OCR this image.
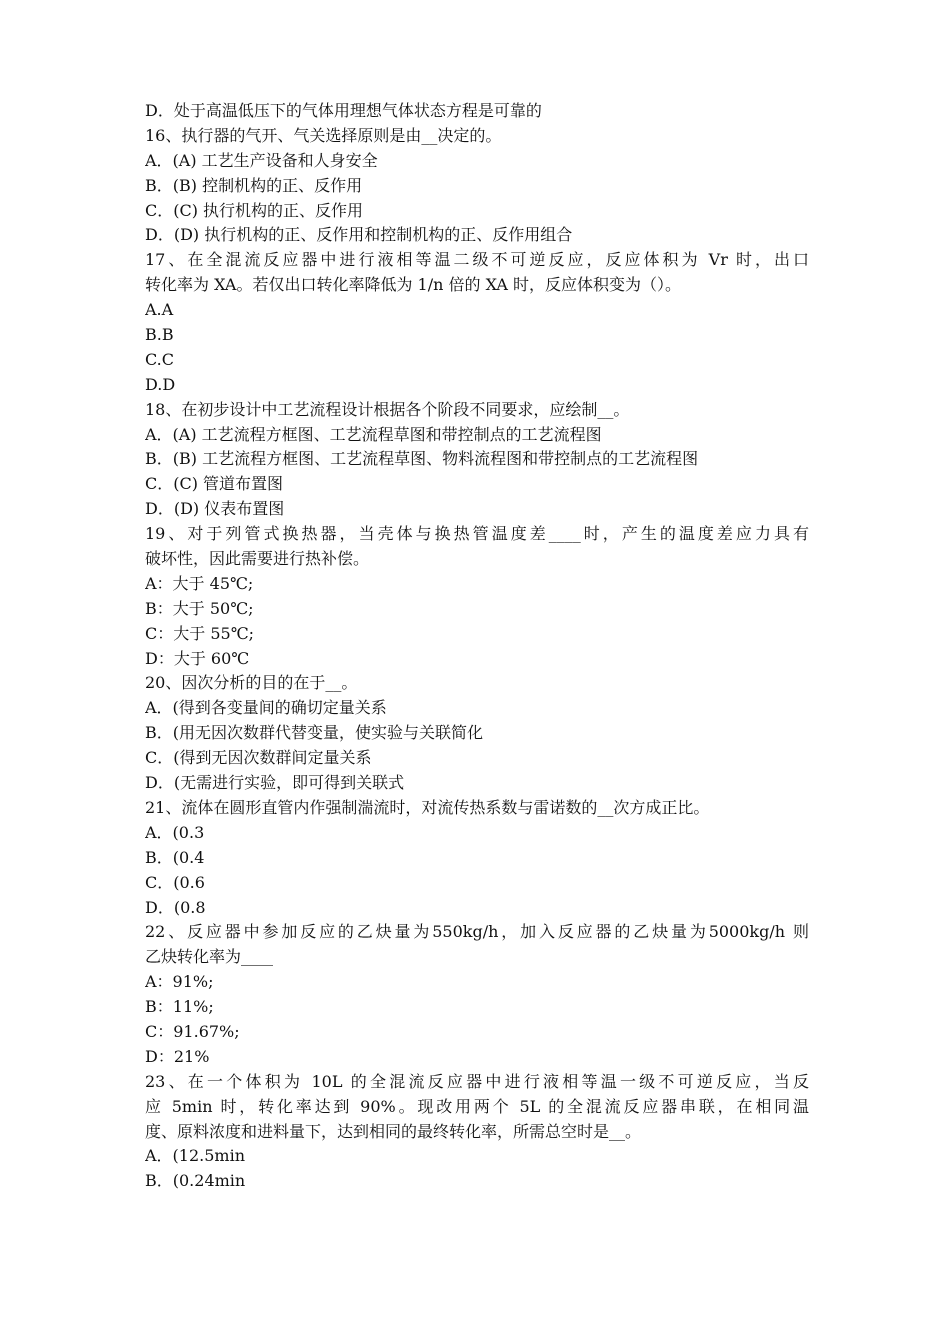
D．处于高温低压下的气体用理想气体状态方程是可靠的
16、执行器的气开、气关选择原则是由__决定的。
A．(A) 工艺生产设备和人身安全
B．(B) 控制机构的正、反作用
C．(C) 执行机构的正、反作用
D．(D) 执行机构的正、反作用和控制机构的正、反作用组合
17、在全混流反应器中进行液相等温二级不可逆反应，反应体积为 Vr 时，出口
转化率为 XA。若仅出口转化率降低为 1/n 倍的 XA 时，反应体积变为（）。
A.A
B.B
C.C
D.D
18、在初步设计中工艺流程设计根据各个阶段不同要求，应绘制__。
A．(A) 工艺流程方框图、工艺流程草图和带控制点的工艺流程图
B．(B) 工艺流程方框图、工艺流程草图、物料流程图和带控制点的工艺流程图
C．(C) 管道布置图
D．(D) 仪表布置图
19、对于列管式换热器，当壳体与换热管温度差____时，产生的温度差应力具有
破坏性，因此需要进行热补偿。
A：大于 45℃;
B：大于 50℃;
C：大于 55℃;
D：大于 60℃
20、因次分析的目的在于__。
A．(得到各变量间的确切定量关系
B．(用无因次数群代替变量，使实验与关联简化
C．(得到无因次数群间定量关系
D．(无需进行实验，即可得到关联式
21、流体在圆形直管内作强制湍流时，对流传热系数与雷诺数的__次方成正比。
A．(0.3
B．(0.4
C．(0.6
D．(0.8
22、反应器中参加反应的乙炔量为550kg/h，加入反应器的乙炔量为5000kg/h 则
乙炔转化率为____
A：91%;
B：11%;
C：91.67%;
D：21%
23、在一个体积为 10L 的全混流反应器中进行液相等温一级不可逆反应，当反
应 5min 时，转化率达到 90%。现改用两个 5L 的全混流反应器串联，在相同温
度、原料浓度和进料量下，达到相同的最终转化率，所需总空时是__。
A．(12.5min
B．(0.24min
